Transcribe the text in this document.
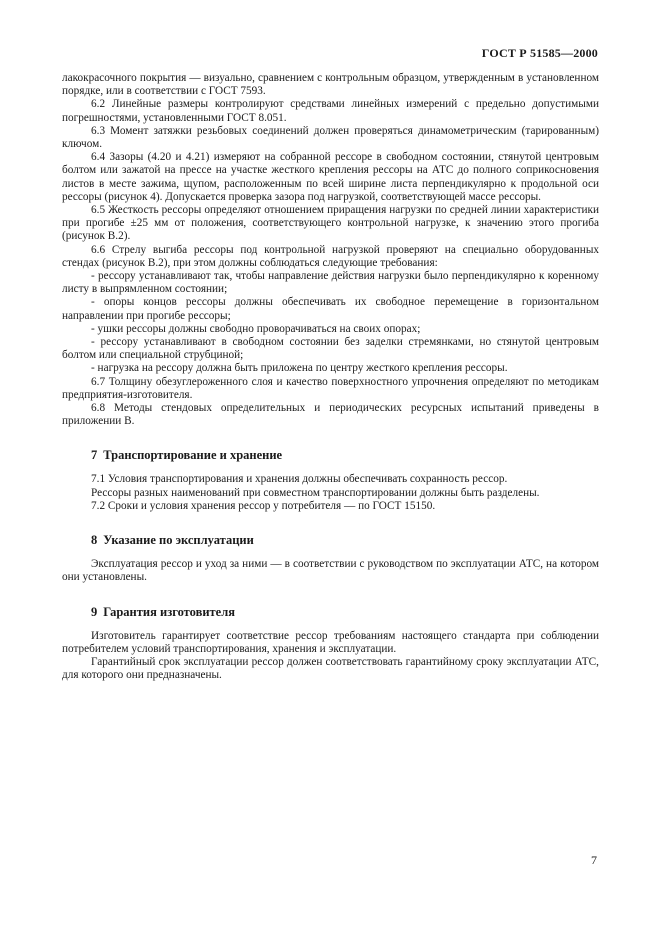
ГОСТ Р 51585—2000

лакокрасочного покрытия — визуально, сравнением с контрольным образцом, утвержденным в установленном порядке, или в соответствии с ГОСТ 7593.

6.2 Линейные размеры контролируют средствами линейных измерений с предельно допустимыми погрешностями, установленными ГОСТ 8.051.

6.3 Момент затяжки резьбовых соединений должен проверяться динамометрическим (тарированным) ключом.

6.4 Зазоры (4.20 и 4.21) измеряют на собранной рессоре в свободном состоянии, стянутой центровым болтом или зажатой на прессе на участке жесткого крепления рессоры на АТС до полного соприкосновения листов в месте зажима, щупом, расположенным по всей ширине листа перпендикулярно к продольной оси рессоры (рисунок 4). Допускается проверка зазора под нагрузкой, соответствующей массе рессоры.

6.5 Жесткость рессоры определяют отношением приращения нагрузки по средней линии характеристики при прогибе ±25 мм от положения, соответствующего контрольной нагрузке, к значению этого прогиба (рисунок В.2).

6.6 Стрелу выгиба рессоры под контрольной нагрузкой проверяют на специально оборудованных стендах (рисунок В.2), при этом должны соблюдаться следующие требования:

- рессору устанавливают так, чтобы направление действия нагрузки было перпендикулярно к коренному листу в выпрямленном состоянии;

- опоры концов рессоры должны обеспечивать их свободное перемещение в горизонтальном направлении при прогибе рессоры;

- ушки рессоры должны свободно проворачиваться на своих опорах;

- рессору устанавливают в свободном состоянии без заделки стремянками, но стянутой центровым болтом или специальной струбциной;

- нагрузка на рессору должна быть приложена по центру жесткого крепления рессоры.

6.7 Толщину обезуглероженного слоя и качество поверхностного упрочнения определяют по методикам предприятия-изготовителя.

6.8 Методы стендовых определительных и периодических ресурсных испытаний приведены в приложении В.

7 Транспортирование и хранение

7.1 Условия транспортирования и хранения должны обеспечивать сохранность рессор.

Рессоры разных наименований при совместном транспортировании должны быть разделены.

7.2 Сроки и условия хранения рессор у потребителя — по ГОСТ 15150.

8 Указание по эксплуатации

Эксплуатация рессор и уход за ними — в соответствии с руководством по эксплуатации АТС, на котором они установлены.

9 Гарантия изготовителя

Изготовитель гарантирует соответствие рессор требованиям настоящего стандарта при соблюдении потребителем условий транспортирования, хранения и эксплуатации.

Гарантийный срок эксплуатации рессор должен соответствовать гарантийному сроку эксплуатации АТС, для которого они предназначены.

7
